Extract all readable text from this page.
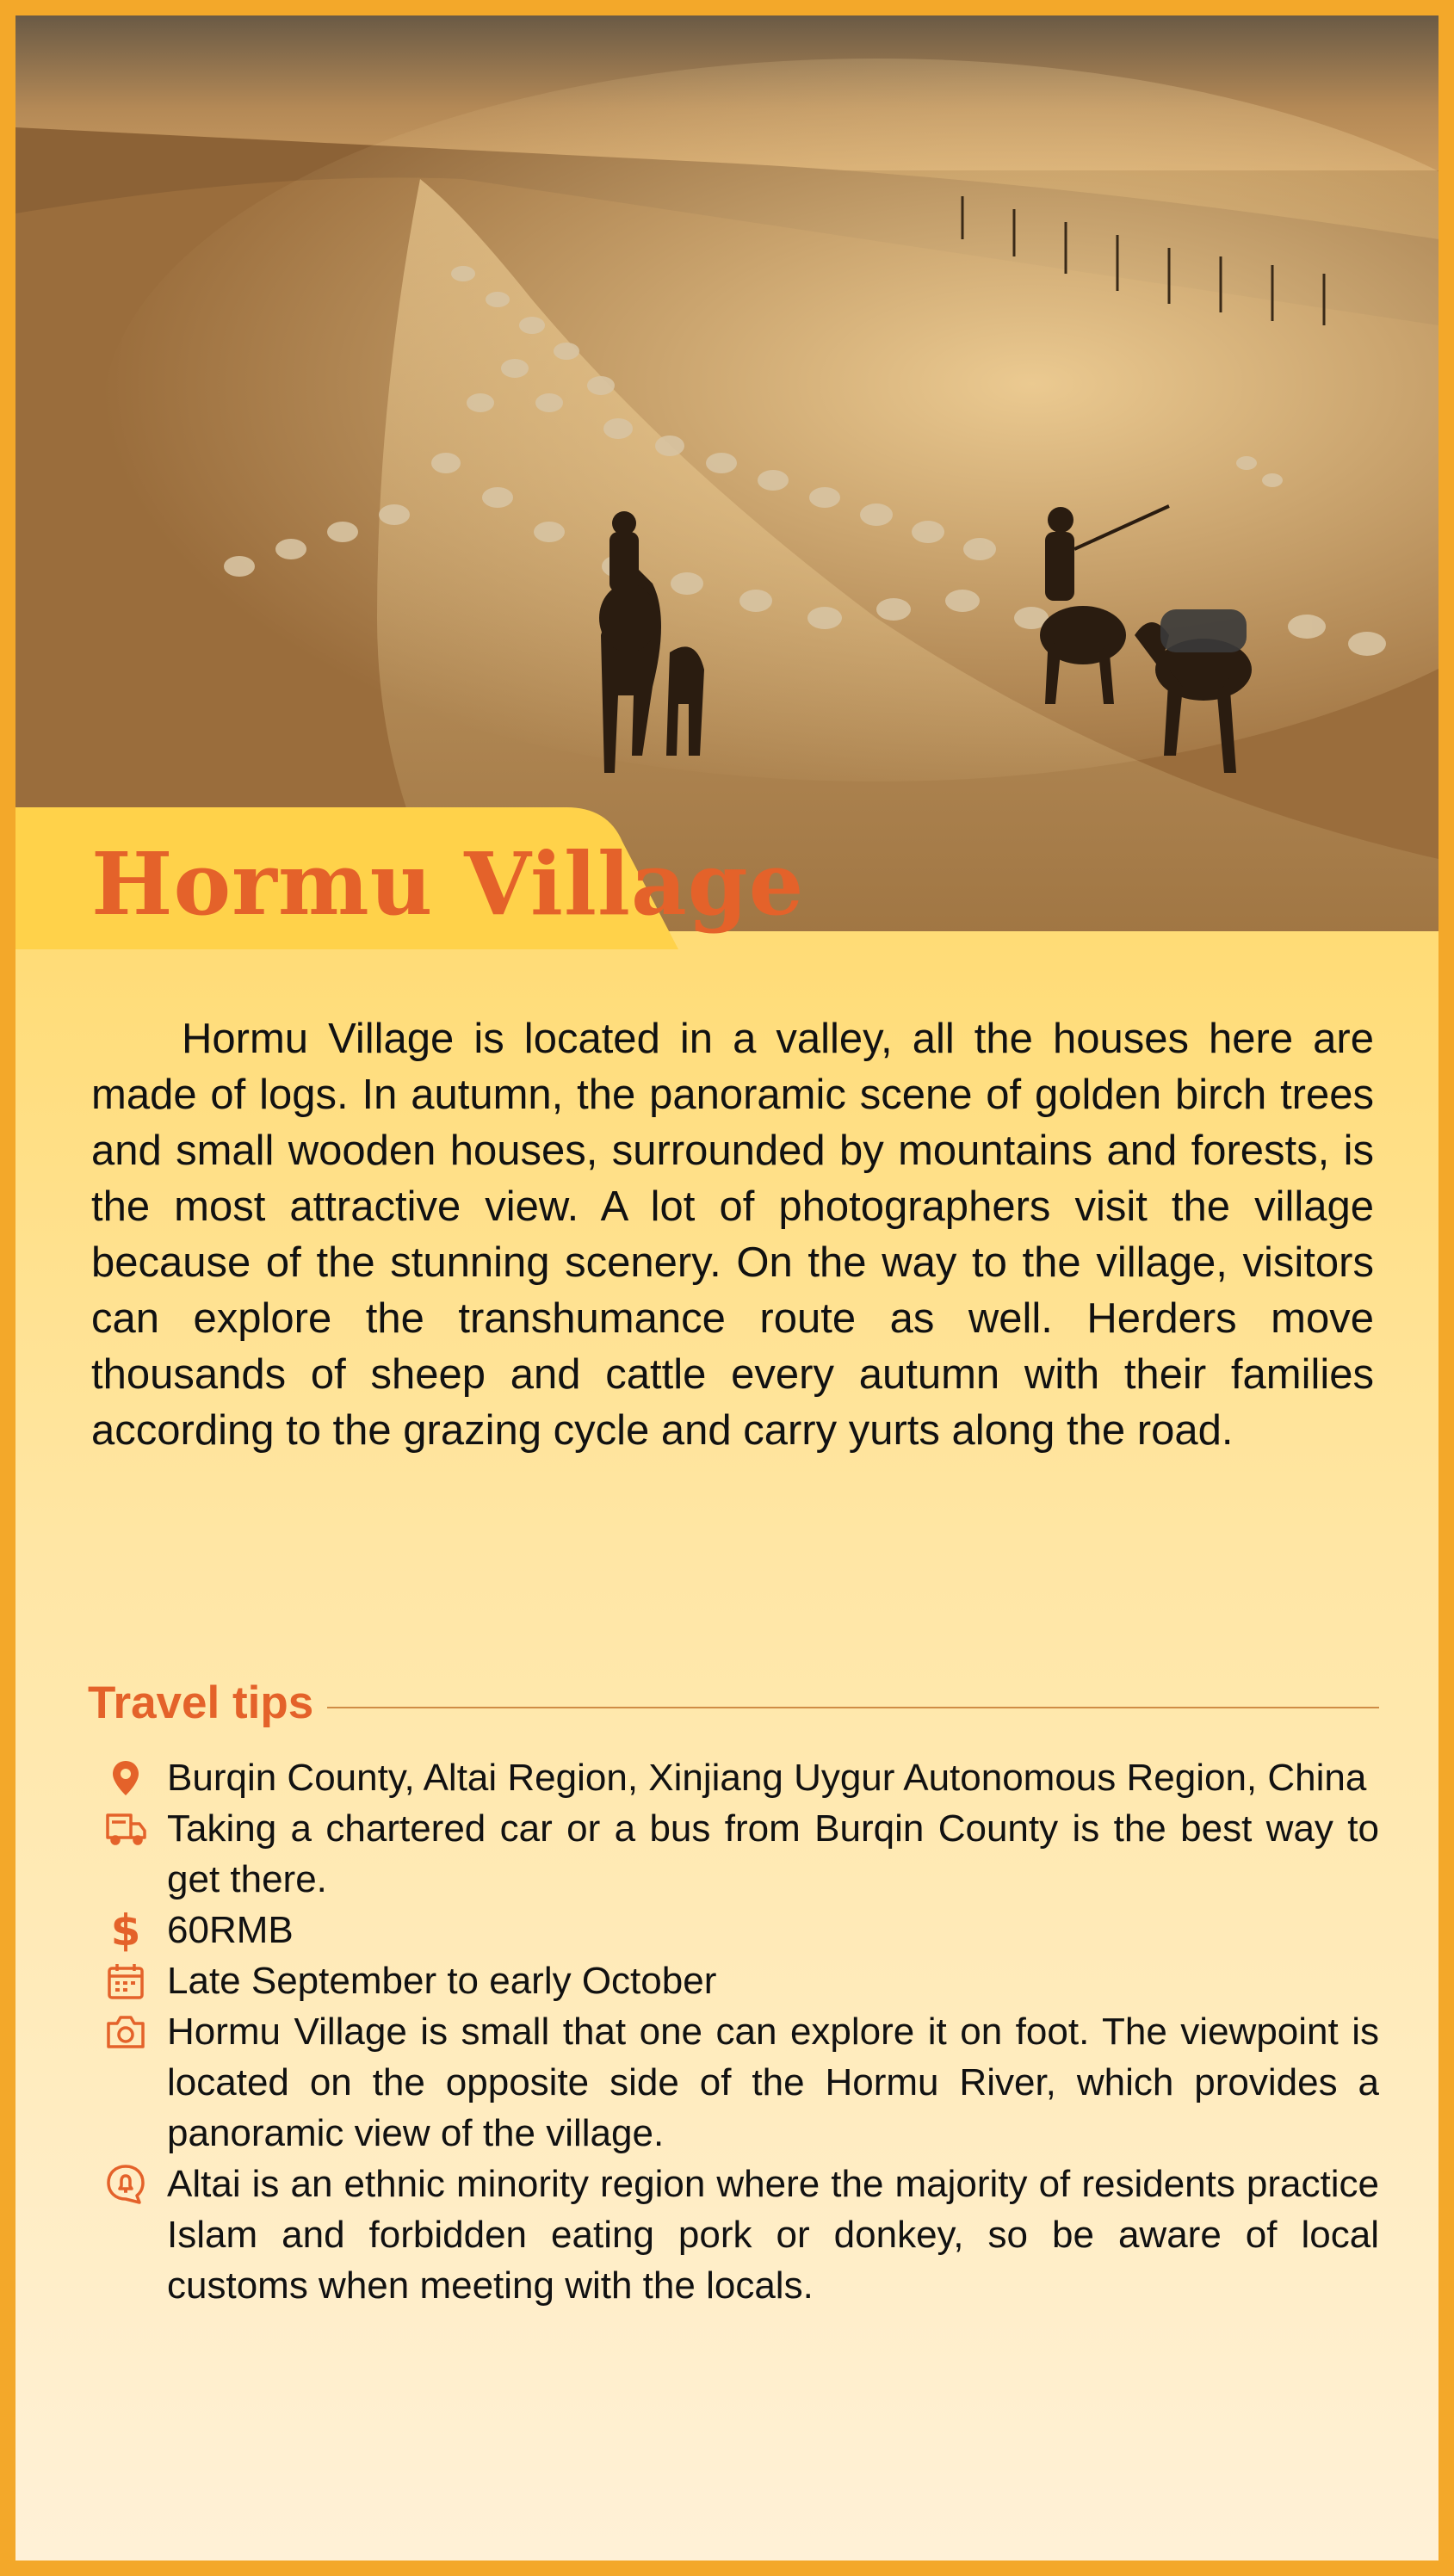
Hormu Village

Hormu Village is located in a valley, all the houses here are made of logs. In autumn, the panoramic scene of golden birch trees and small wooden houses, surrounded by mountains and forests, is the most attractive view. A lot of photographers visit the village because of the stunning scenery. On the way to the village, visitors can explore the transhumance route as well. Herders move thousands of sheep and cattle every autumn with their families according to the grazing cycle and carry yurts along the road.

Travel tips
Burqin County, Altai Region, Xinjiang Uygur Autonomous Region, China
Taking a chartered car or a bus from Burqin County is the best way to get there.
$ 60RMB
Late September to early October
Hormu Village is small that one can explore it on foot. The viewpoint is located on the opposite side of the Hormu River, which provides a panoramic view of the village.
Altai is an ethnic minority region where the majority of residents practice Islam and forbidden eating pork or donkey, so be aware of local customs when meeting with the locals.
